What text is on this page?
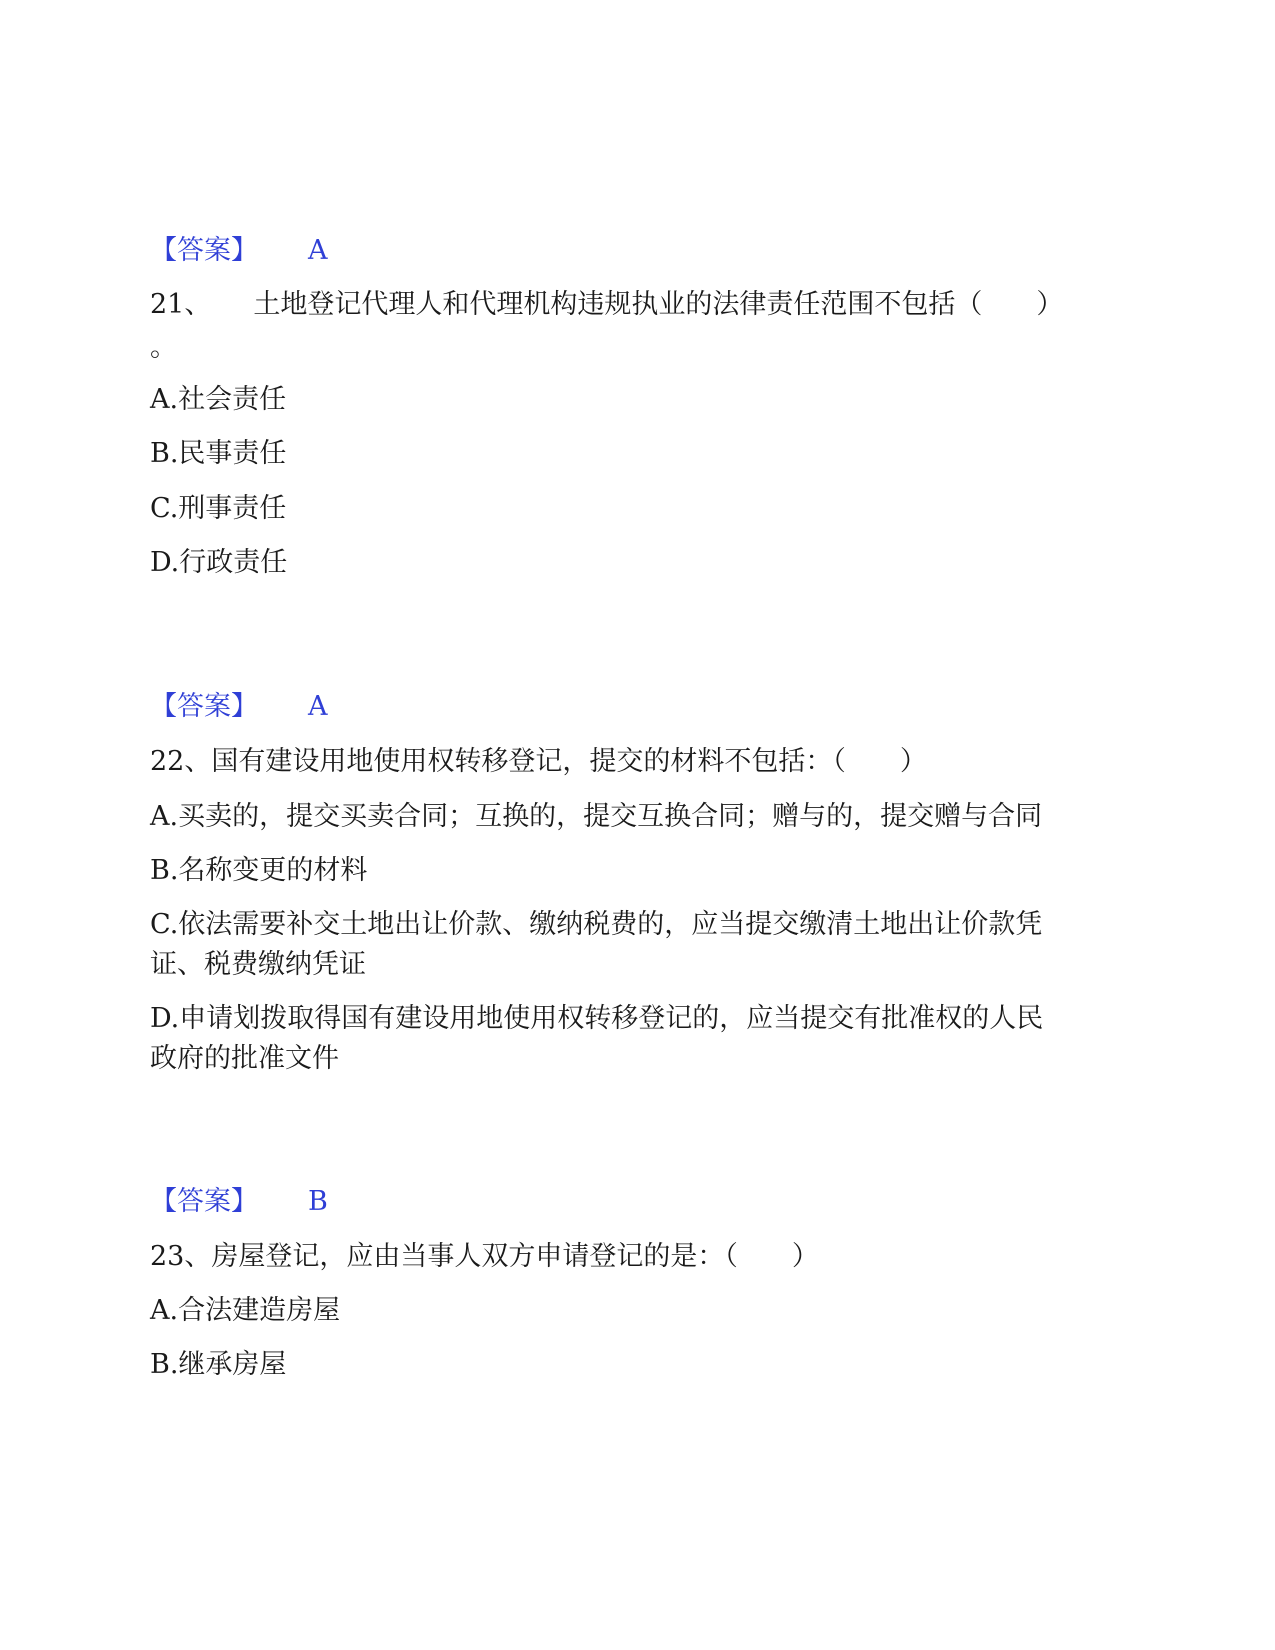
【答案】 A
21、 土地登记代理人和代理机构违规执业的法律责任范围不包括（　　）
。
A.社会责任
B.民事责任
C.刑事责任
D.行政责任
【答案】 A
22、国有建设用地使用权转移登记，提交的材料不包括：（　　）
A.买卖的，提交买卖合同；互换的，提交互换合同；赠与的，提交赠与合同
B.名称变更的材料
C.依法需要补交土地出让价款、缴纳税费的，应当提交缴清土地出让价款凭
证、税费缴纳凭证
D.申请划拨取得国有建设用地使用权转移登记的，应当提交有批准权的人民
政府的批准文件
【答案】 B
23、房屋登记，应由当事人双方申请登记的是：（　　）
A.合法建造房屋
B.继承房屋
